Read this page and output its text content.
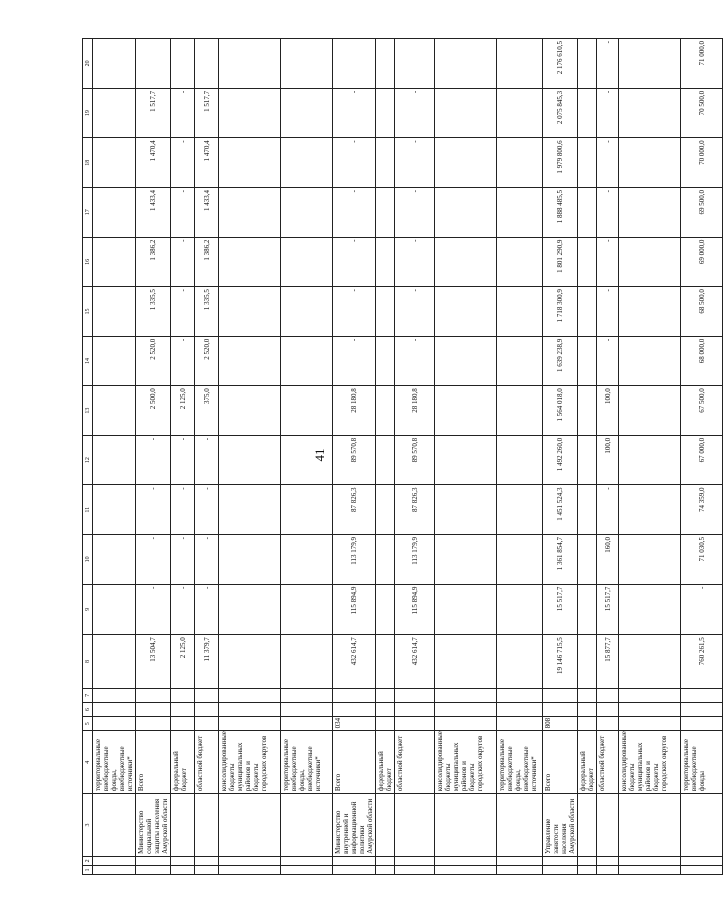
41
1	2	3	4	5	6	7	8	9	10	11	12	13	14	15	16	17	18	19	20
			территориальные внебюджетные фонды, внебюджетные источники*																
		Министерство социальной защиты населения Амурской области	Всего				13 504,7	-	-	-	-	2 500,0	2 520,0	1 335,5	1 386,2	1 433,4	1 470,4	1 517,7	
			федеральный бюджет				2 125,0	-	-	-	-	2 125,0	-	-	-	-	-	-	
			областной бюджет				11 379,7	-	-	-	-	375,0	2 520,0	1 335,5	1 386,2	1 433,4	1 470,4	1 517,7	
			консолидированные бюджеты муниципальных районов и бюджеты городских округов																
			территориальные внебюджетные фонды, внебюджетные источники*																
		Министерство внутренней и информационной политики Амурской области	Всего	034			432 614,7	115 894,9	113 179,9	87 826,3	89 570,8	28 180,8	-	-	-	-	-	-	
			федеральный бюджет																
			областной бюджет				432 614,7	115 894,9	113 179,9	87 826,3	89 570,8	28 180,8	-	-	-	-	-	-	
			консолидированные бюджеты муниципальных районов и бюджеты городских округов																
			территориальные внебюджетные фонды, внебюджетные источники*																
		Управление занятости населения Амурской области	Всего	808			19 146 715,5	15 517,7	1 361 854,7	1 451 524,3	1 492 260,0	1 564 018,0	1 639 238,9	1 718 300,9	1 801 290,9	1 888 485,5	1 979 800,6	2 075 845,3	2 176 610,5
			федеральный бюджет																
			областной бюджет				15 877,7	15 517,7	160,0	-	100,0	100,0	-	-	-	-	-	-	-
			консолидированные бюджеты муниципальных районов и бюджеты городских округов																
			территориальные внебюджетные фонды				760 261,5	-	71 030,5	74 359,0	67 000,0	67 500,0	68 000,0	68 500,0	69 000,0	69 500,0	70 000,0	70 500,0	71 000,0
